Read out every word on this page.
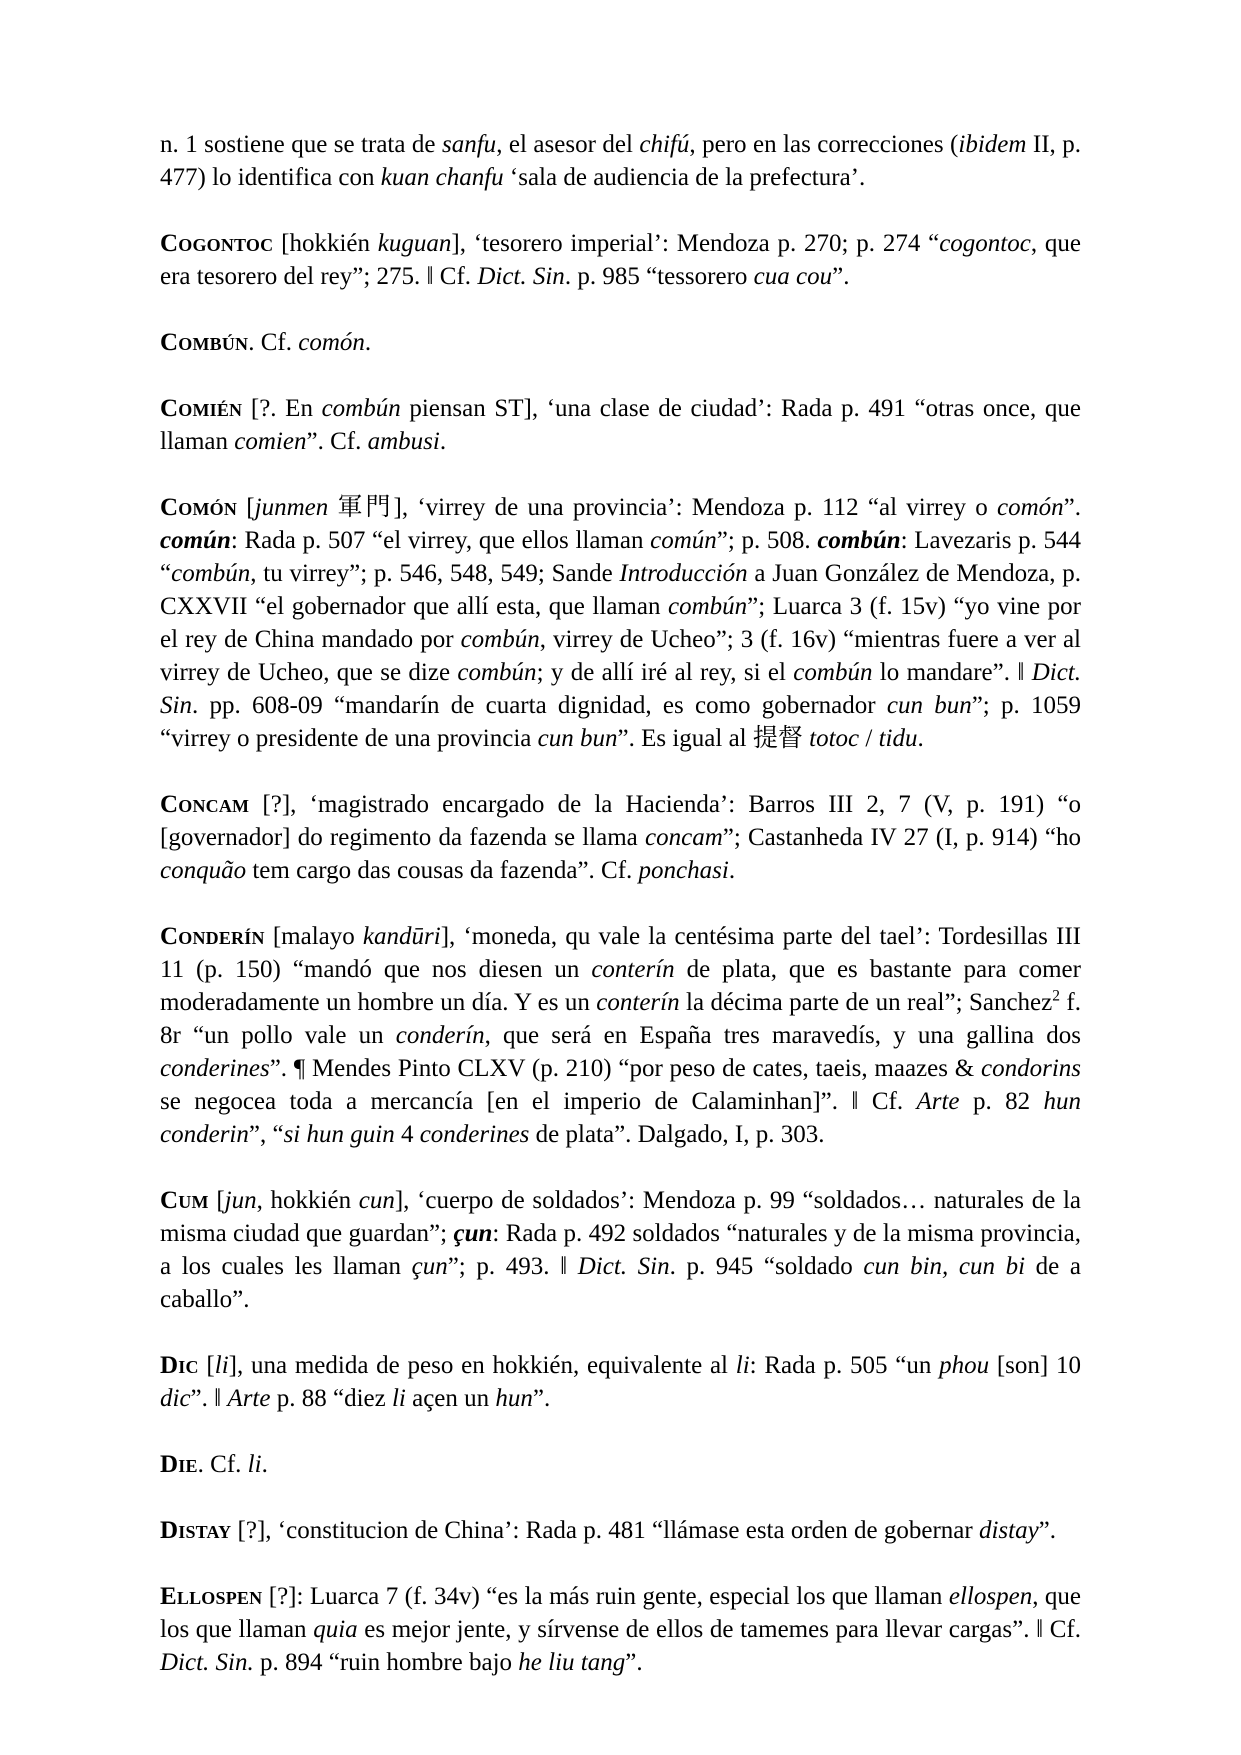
n. 1 sostiene que se trata de sanfu, el asesor del chifú, pero en las correcciones (ibidem II, p. 477) lo identifica con kuan chanfu ‘sala de audiencia de la prefectura’.

Cogontoc [hokkién kuguan], ‘tesorero imperial’: Mendoza p. 270; p. 274 “cogontoc, que era tesorero del rey”; 275. ‖ Cf. Dict. Sin. p. 985 “tessorero cua cou”.

Combún. Cf. comón.

Comién [?. En combún piensan ST], ‘una clase de ciudad’: Rada p. 491 “otras once, que llaman comien”. Cf. ambusi.

Comón [junmen 軍門], ‘virrey de una provincia’: Mendoza p. 112 “al virrey o comón”. común: Rada p. 507 “el virrey, que ellos llaman común”; p. 508. combún: Lavezaris p. 544 “combún, tu virrey”; p. 546, 548, 549; Sande Introducción a Juan González de Mendoza, p. CXXVII “el gobernador que allí esta, que llaman combún”; Luarca 3 (f. 15v) “yo vine por el rey de China mandado por combún, virrey de Ucheo”; 3 (f. 16v) “mientras fuere a ver al virrey de Ucheo, que se dize combún; y de allí iré al rey, si el combún lo mandare”. ‖ Dict. Sin. pp. 608-09 “mandarín de cuarta dignidad, es como gobernador cun bun”; p. 1059 “virrey o presidente de una provincia cun bun”. Es igual al 提督 totoc / tidu.

Concam [?], ‘magistrado encargado de la Hacienda’: Barros III 2, 7 (V, p. 191) “o [governador] do regimento da fazenda se llama concam”; Castanheda IV 27 (I, p. 914) “ho conquão tem cargo das cousas da fazenda”. Cf. ponchasi.

Conderín [malayo kandūri], ‘moneda, qu vale la centésima parte del tael’: Tordesillas III 11 (p. 150) “mandó que nos diesen un conterín de plata, que es bastante para comer moderadamente un hombre un día. Y es un conterín la décima parte de un real”; Sanchez$^2$ f. 8r “un pollo vale un conderín, que será en España tres maravedís, y una gallina dos conderines”. ¶ Mendes Pinto CLXV (p. 210) “por peso de cates, taeis, maazes & condorins se negocea toda a mercancía [en el imperio de Calaminhan]”. ‖ Cf. Arte p. 82 hun conderin”, “si hun guin 4 conderines de plata”. Dalgado, I, p. 303.

Cum [jun, hokkién cun], ‘cuerpo de soldados’: Mendoza p. 99 “soldados… naturales de la misma ciudad que guardan”; çun: Rada p. 492 soldados “naturales y de la misma provincia, a los cuales les llaman çun”; p. 493. ‖ Dict. Sin. p. 945 “soldado cun bin, cun bi de a caballo”.

Dic [li], una medida de peso en hokkién, equivalente al li: Rada p. 505 “un phou [son] 10 dic”. ‖ Arte p. 88 “diez li açen un hun”.

Die. Cf. li.

Distay [?], ‘constitucion de China’: Rada p. 481 “llámase esta orden de gobernar distay”.

Ellospen [?]: Luarca 7 (f. 34v) “es la más ruin gente, especial los que llaman ellospen, que los que llaman quia es mejor jente, y sírvense de ellos de tamemes para llevar cargas”. ‖ Cf. Dict. Sin. p. 894 “ruin hombre bajo he liu tang”.
